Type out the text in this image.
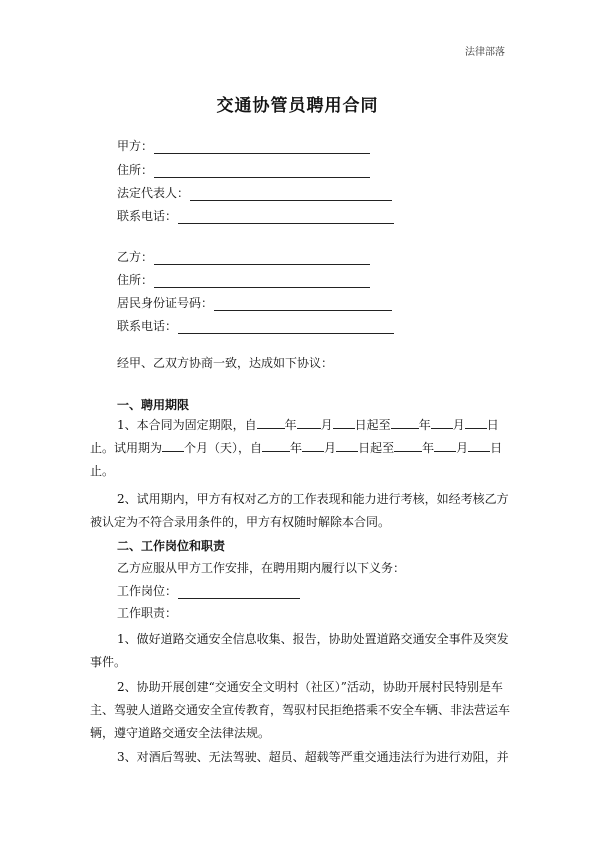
法律部落
交通协管员聘用合同
甲方：
住所：
法定代表人：
联系电话：
乙方：
住所：
居民身份证号码：
联系电话：
经甲、乙双方协商一致，达成如下协议：
一、聘用期限
1、本合同为固定期限，自 年 月 日起至 年 月 日
止。试用期为 个月（天），自 年 月 日起至 年 月 日
止。
2、试用期内，甲方有权对乙方的工作表现和能力进行考核，如经考核乙方
被认定为不符合录用条件的，甲方有权随时解除本合同。
二、工作岗位和职责
乙方应服从甲方工作安排，在聘用期内履行以下义务：
工作岗位：
工作职责：
1、做好道路交通安全信息收集、报告，协助处置道路交通安全事件及突发
事件。
2、协助开展创建“交通安全文明村（社区）”活动，协助开展村民特别是车
主、驾驶人道路交通安全宣传教育，驾驭村民拒绝搭乘不安全车辆、非法营运车
辆，遵守道路交通安全法律法规。
3、对酒后驾驶、无法驾驶、超员、超载等严重交通违法行为进行劝阻，并
